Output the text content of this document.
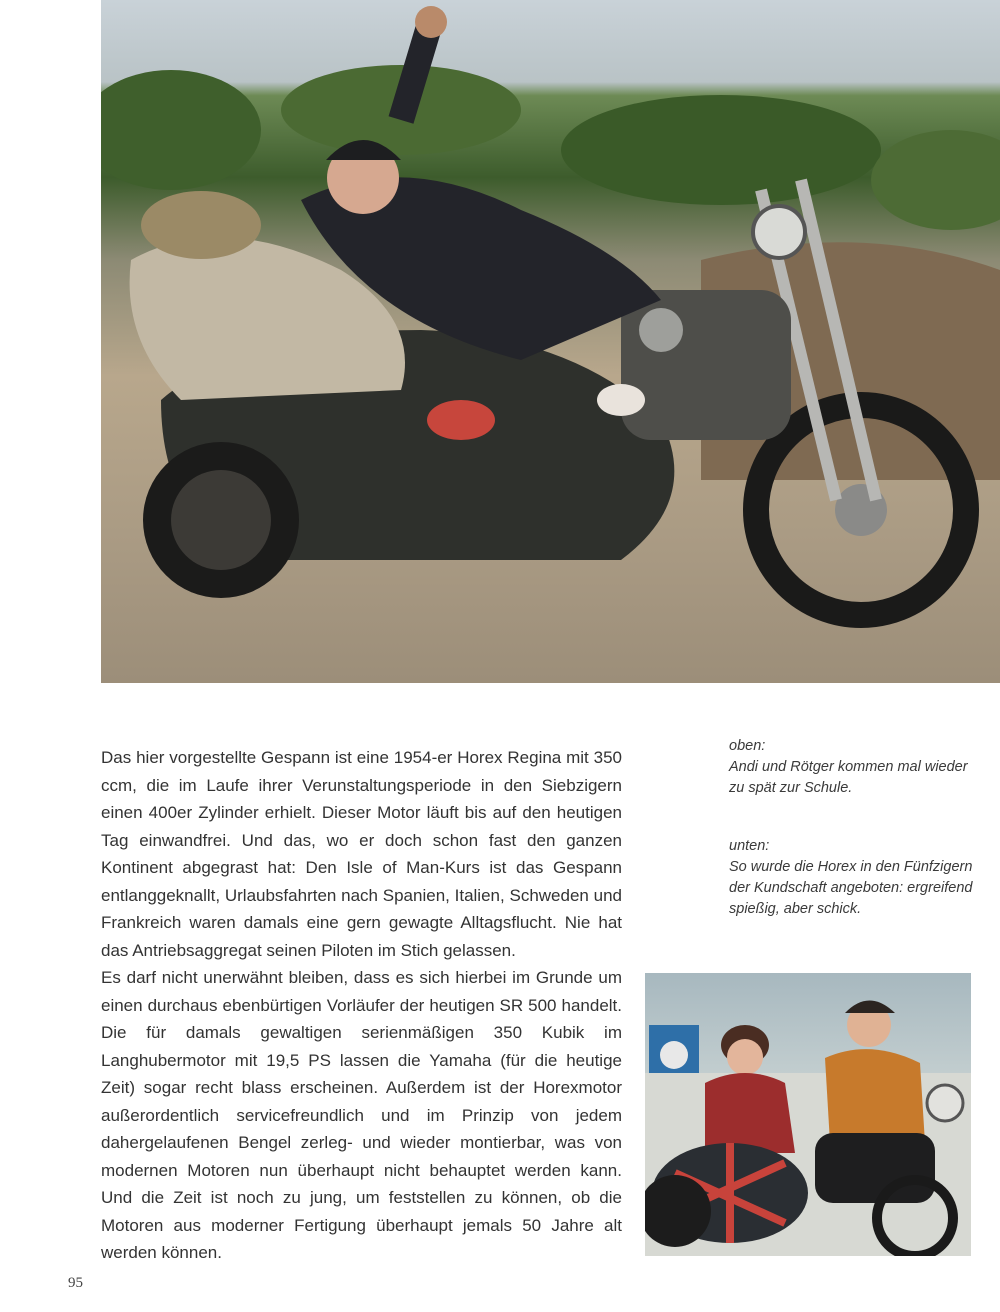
Das hier vorgestellte Gespann ist eine 1954-er Horex Regina mit 350 ccm, die im Laufe ihrer Verunstaltungsperiode in den Siebzigern einen 400er Zylinder erhielt. Dieser Motor läuft bis auf den heutigen Tag einwandfrei. Und das, wo er doch schon fast den ganzen Kontinent abgegrast hat: Den Isle of Man-Kurs ist das Gespann entlanggeknallt, Urlaubsfahrten nach Spanien, Italien, Schweden und Frankreich waren damals eine gern gewagte Alltagsflucht. Nie hat das Antriebsaggregat seinen Piloten im Stich gelassen.

Es darf nicht unerwähnt bleiben, dass es sich hierbei im Grunde um einen durchaus ebenbürtigen Vorläufer der heutigen SR 500 handelt. Die für damals gewaltigen serienmäßigen 350 Kubik im Langhubermotor mit 19,5 PS lassen die Yamaha (für die heutige Zeit) sogar recht blass erscheinen. Außerdem ist der Horexmotor außerordentlich servicefreundlich und im Prinzip von jedem dahergelaufenen Bengel zerleg- und wieder montierbar, was von modernen Motoren nun überhaupt nicht behauptet werden kann. Und die Zeit ist noch zu jung, um feststellen zu können, ob die Motoren aus moderner Fertigung überhaupt jemals 50 Jahre alt werden können.

oben:
Andi und Rötger kommen mal wieder zu spät zur Schule.
unten:
So wurde die Horex in den Fünfzigern der Kundschaft angeboten: ergreifend spießig, aber schick.
95
